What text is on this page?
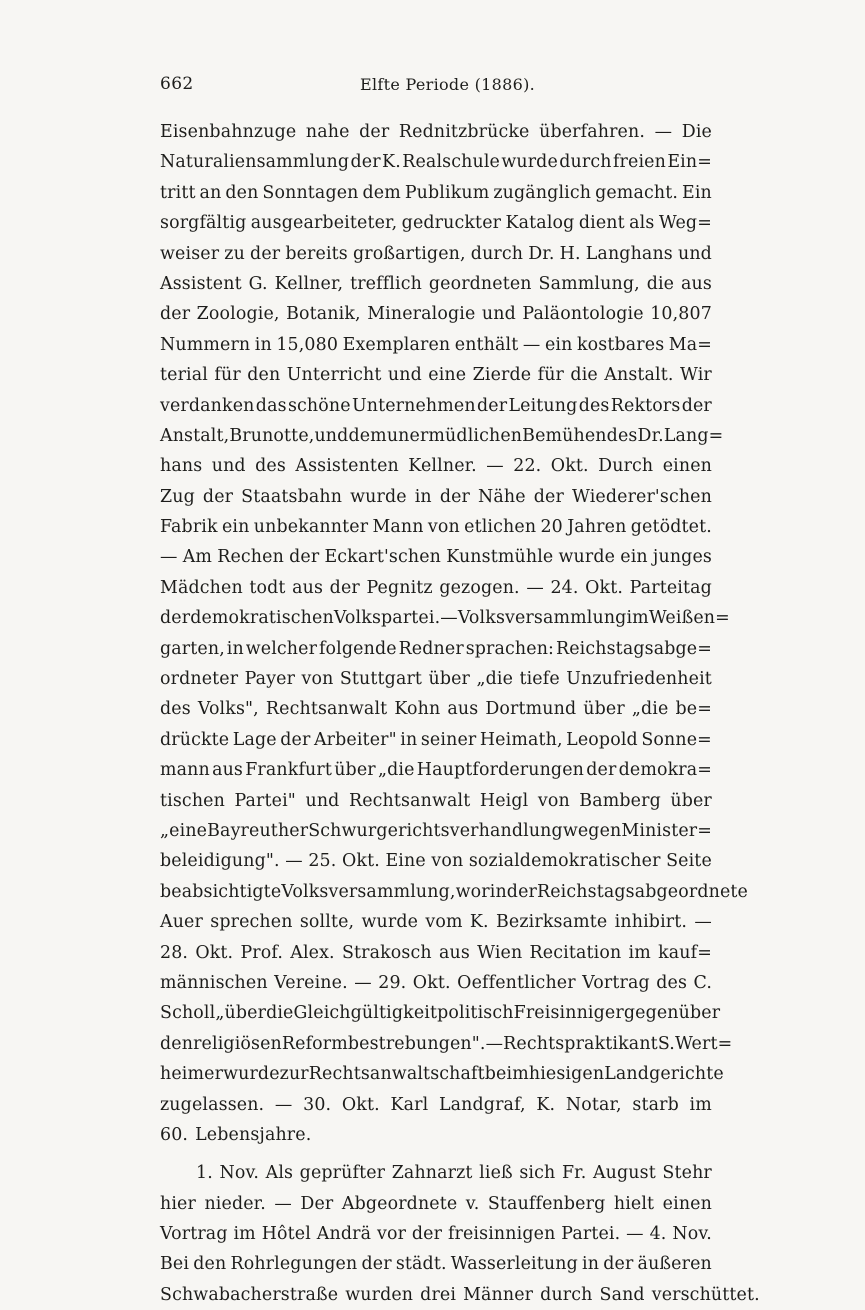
662	Elfte Periode (1886).
Eisenbahnzuge nahe der Rednitzbrücke überfahren. — Die
Naturaliensammlung der K. Realschule wurde durch freien Ein=
tritt an den Sonntagen dem Publikum zugänglich gemacht. Ein
sorgfältig ausgearbeiteter, gedruckter Katalog dient als Weg=
weiser zu der bereits großartigen, durch Dr. H. Langhans und
Assistent G. Kellner, trefflich geordneten Sammlung, die aus
der Zoologie, Botanik, Mineralogie und Paläontologie 10,807
Nummern in 15,080 Exemplaren enthält — ein kostbares Ma=
terial für den Unterricht und eine Zierde für die Anstalt. Wir
verdanken das schöne Unternehmen der Leitung des Rektors der
Anstalt, Brunotte, und dem unermüdlichen Bemühen des Dr. Lang=
hans und des Assistenten Kellner. — 22. Okt. Durch einen
Zug der Staatsbahn wurde in der Nähe der Wiederer'schen
Fabrik ein unbekannter Mann von etlichen 20 Jahren getödtet.
— Am Rechen der Eckart'schen Kunstmühle wurde ein junges
Mädchen todt aus der Pegnitz gezogen. — 24. Okt. Parteitag
der demokratischen Volkspartei. — Volksversammlung im Weißen=
garten, in welcher folgende Redner sprachen: Reichstagsabge=
ordneter Payer von Stuttgart über „die tiefe Unzufriedenheit
des Volks", Rechtsanwalt Kohn aus Dortmund über „die be=
drückte Lage der Arbeiter" in seiner Heimath, Leopold Sonne=
mann aus Frankfurt über „die Hauptforderungen der demokra=
tischen Partei" und Rechtsanwalt Heigl von Bamberg über
„eine Bayreuther Schwurgerichtsverhandlung wegen Minister=
beleidigung". — 25. Okt. Eine von sozialdemokratischer Seite
beabsichtigte Volksversammlung, worin der Reichstagsabgeordnete
Auer sprechen sollte, wurde vom K. Bezirksamte inhibirt. —
28. Okt. Prof. Alex. Strakosch aus Wien Recitation im kauf=
männischen Vereine. — 29. Okt. Oeffentlicher Vortrag des C.
Scholl „über die Gleichgültigkeit politisch Freisinniger gegenüber
den religiösen Reformbestrebungen". — Rechtspraktikant S. Wert=
heimer wurde zur Rechtsanwaltschaft beim hiesigen Landgerichte
zugelassen. — 30. Okt. Karl Landgraf, K. Notar, starb im
60. Lebensjahre.
1. Nov. Als geprüfter Zahnarzt ließ sich Fr. August Stehr
hier nieder. — Der Abgeordnete v. Stauffenberg hielt einen
Vortrag im Hôtel Andrä vor der freisinnigen Partei. — 4. Nov.
Bei den Rohrlegungen der städt. Wasserleitung in der äußeren
Schwabacherstraße wurden drei Männer durch Sand verschüttet.
